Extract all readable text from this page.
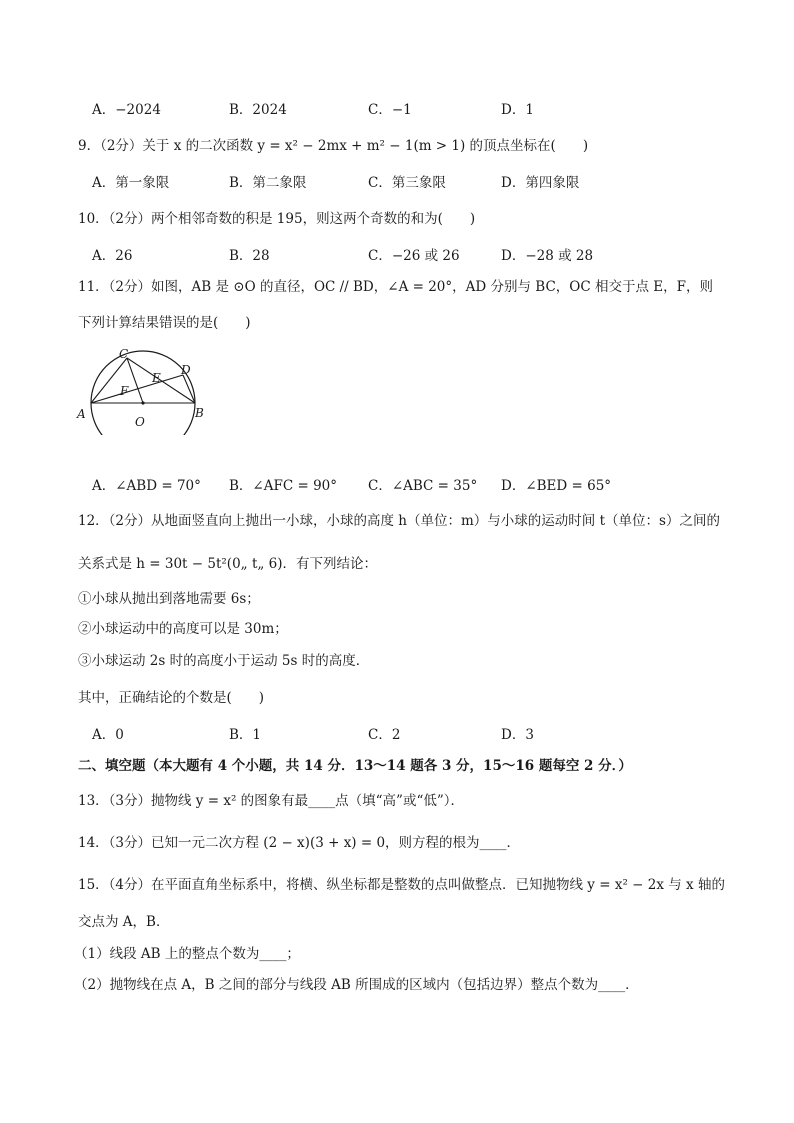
A．−2024	B．2024	C．−1	D．1
9．（2分）关于 x 的二次函数 y = x² − 2mx + m² − 1(m > 1) 的顶点坐标在(　　)
A．第一象限	B．第二象限	C．第三象限	D．第四象限
10．（2分）两个相邻奇数的积是 195，则这两个奇数的和为(　　)
A．26	B．28	C．−26 或 26	D．−28 或 28
11．（2分）如图，AB 是 ⊙O 的直径，OC // BD，∠A = 20°，AD 分别与 BC，OC 相交于点 E，F，则
下列计算结果错误的是(　　)
C
D
E
F
A
O
B
A．∠ABD = 70° B．∠AFC = 90° C．∠ABC = 35° D．∠BED = 65°
12．（2分）从地面竖直向上抛出一小球，小球的高度 h（单位：m）与小球的运动时间 t（单位：s）之间的
关系式是 h = 30t − 5t²(0„ t„ 6)．有下列结论：
①小球从抛出到落地需要 6s；
②小球运动中的高度可以是 30m；
③小球运动 2s 时的高度小于运动 5s 时的高度．
其中，正确结论的个数是(　　)
A．0	B．1	C．2	D．3
二、填空题（本大题有 4 个小题，共 14 分．13～14 题各 3 分，15～16 题每空 2 分．）
13．（3分）抛物线 y = x² 的图象有最____点（填“高”或“低”）．
14．（3分）已知一元二次方程 (2 − x)(3 + x) = 0，则方程的根为____．
15．（4分）在平面直角坐标系中，将横、纵坐标都是整数的点叫做整点．已知抛物线 y = x² − 2x 与 x 轴的
交点为 A，B．
（1）线段 AB 上的整点个数为____；
（2）抛物线在点 A，B 之间的部分与线段 AB 所围成的区域内（包括边界）整点个数为____．
